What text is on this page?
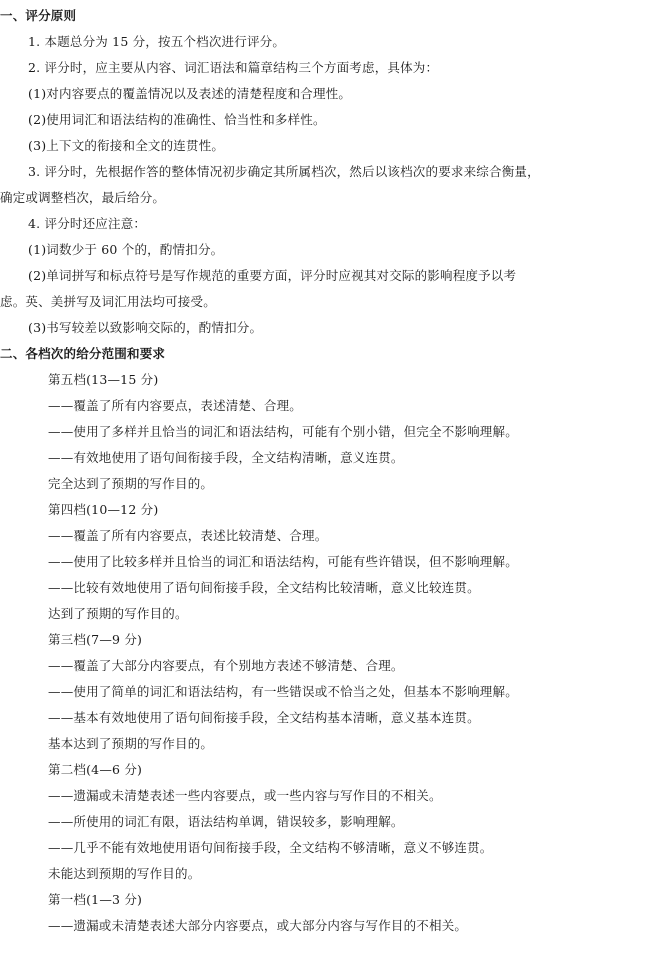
一、评分原则
1. 本题总分为 15 分，按五个档次进行评分。
2. 评分时，应主要从内容、词汇语法和篇章结构三个方面考虑，具体为：
(1)对内容要点的覆盖情况以及表述的清楚程度和合理性。
(2)使用词汇和语法结构的准确性、恰当性和多样性。
(3)上下文的衔接和全文的连贯性。
3. 评分时，先根据作答的整体情况初步确定其所属档次，然后以该档次的要求来综合衡量，
确定或调整档次，最后给分。
4. 评分时还应注意：
(1)词数少于 60 个的，酌情扣分。
(2)单词拼写和标点符号是写作规范的重要方面，评分时应视其对交际的影响程度予以考
虑。英、美拼写及词汇用法均可接受。
(3)书写较差以致影响交际的，酌情扣分。
二、各档次的给分范围和要求
第五档(13—15 分)
——覆盖了所有内容要点，表述清楚、合理。
——使用了多样并且恰当的词汇和语法结构，可能有个别小错，但完全不影响理解。
——有效地使用了语句间衔接手段，全文结构清晰，意义连贯。
完全达到了预期的写作目的。
第四档(10—12 分)
——覆盖了所有内容要点，表述比较清楚、合理。
——使用了比较多样并且恰当的词汇和语法结构，可能有些许错误，但不影响理解。
——比较有效地使用了语句间衔接手段，全文结构比较清晰，意义比较连贯。
达到了预期的写作目的。
第三档(7—9 分)
——覆盖了大部分内容要点，有个别地方表述不够清楚、合理。
——使用了简单的词汇和语法结构，有一些错误或不恰当之处，但基本不影响理解。
——基本有效地使用了语句间衔接手段，全文结构基本清晰，意义基本连贯。
基本达到了预期的写作目的。
第二档(4—6 分)
——遗漏或未清楚表述一些内容要点，或一些内容与写作目的不相关。
——所使用的词汇有限，语法结构单调，错误较多，影响理解。
——几乎不能有效地使用语句间衔接手段，全文结构不够清晰，意义不够连贯。
未能达到预期的写作目的。
第一档(1—3 分)
——遗漏或未清楚表述大部分内容要点，或大部分内容与写作目的不相关。
